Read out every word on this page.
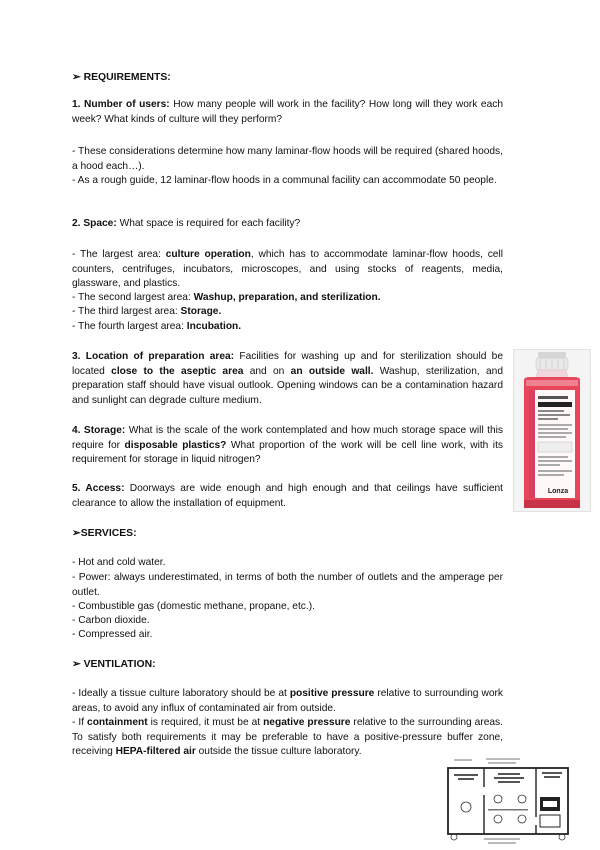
➢ REQUIREMENTS:

1. Number of users: How many people will work in the facility? How long will they work each week? What kinds of culture will they perform?

- These considerations determine how many laminar-flow hoods will be required (shared hoods, a hood each…).

- As a rough guide, 12 laminar-flow hoods in a communal facility can accommodate 50 people.

2. Space: What space is required for each facility?

- The largest area: culture operation, which has to accommodate laminar-flow hoods, cell counters, centrifuges, incubators, microscopes, and using stocks of reagents, media, glassware, and plastics.

- The second largest area: Washup, preparation, and sterilization.

- The third largest area: Storage.

- The fourth largest area: Incubation.

3. Location of preparation area: Facilities for washing up and for sterilization should be located close to the aseptic area and on an outside wall. Washup, sterilization, and preparation staff should have visual outlook. Opening windows can be a contamination hazard and sunlight can degrade culture medium.

4. Storage: What is the scale of the work contemplated and how much storage space will this require for disposable plastics? What proportion of the work will be cell line work, with its requirement for storage in liquid nitrogen?

5. Access: Doorways are wide enough and high enough and that ceilings have sufficient clearance to allow the installation of equipment.

➢SERVICES:

- Hot and cold water.

- Power: always underestimated, in terms of both the number of outlets and the amperage per outlet.

- Combustible gas (domestic methane, propane, etc.).

- Carbon dioxide.

- Compressed air.

➢ VENTILATION:

- Ideally a tissue culture laboratory should be at positive pressure relative to surrounding work areas, to avoid any influx of contaminated air from outside.

- If containment is required, it must be at negative pressure relative to the surrounding areas. To satisfy both requirements it may be preferable to have a positive-pressure buffer zone, receiving HEPA-filtered air outside the tissue culture laboratory.

Lonza
